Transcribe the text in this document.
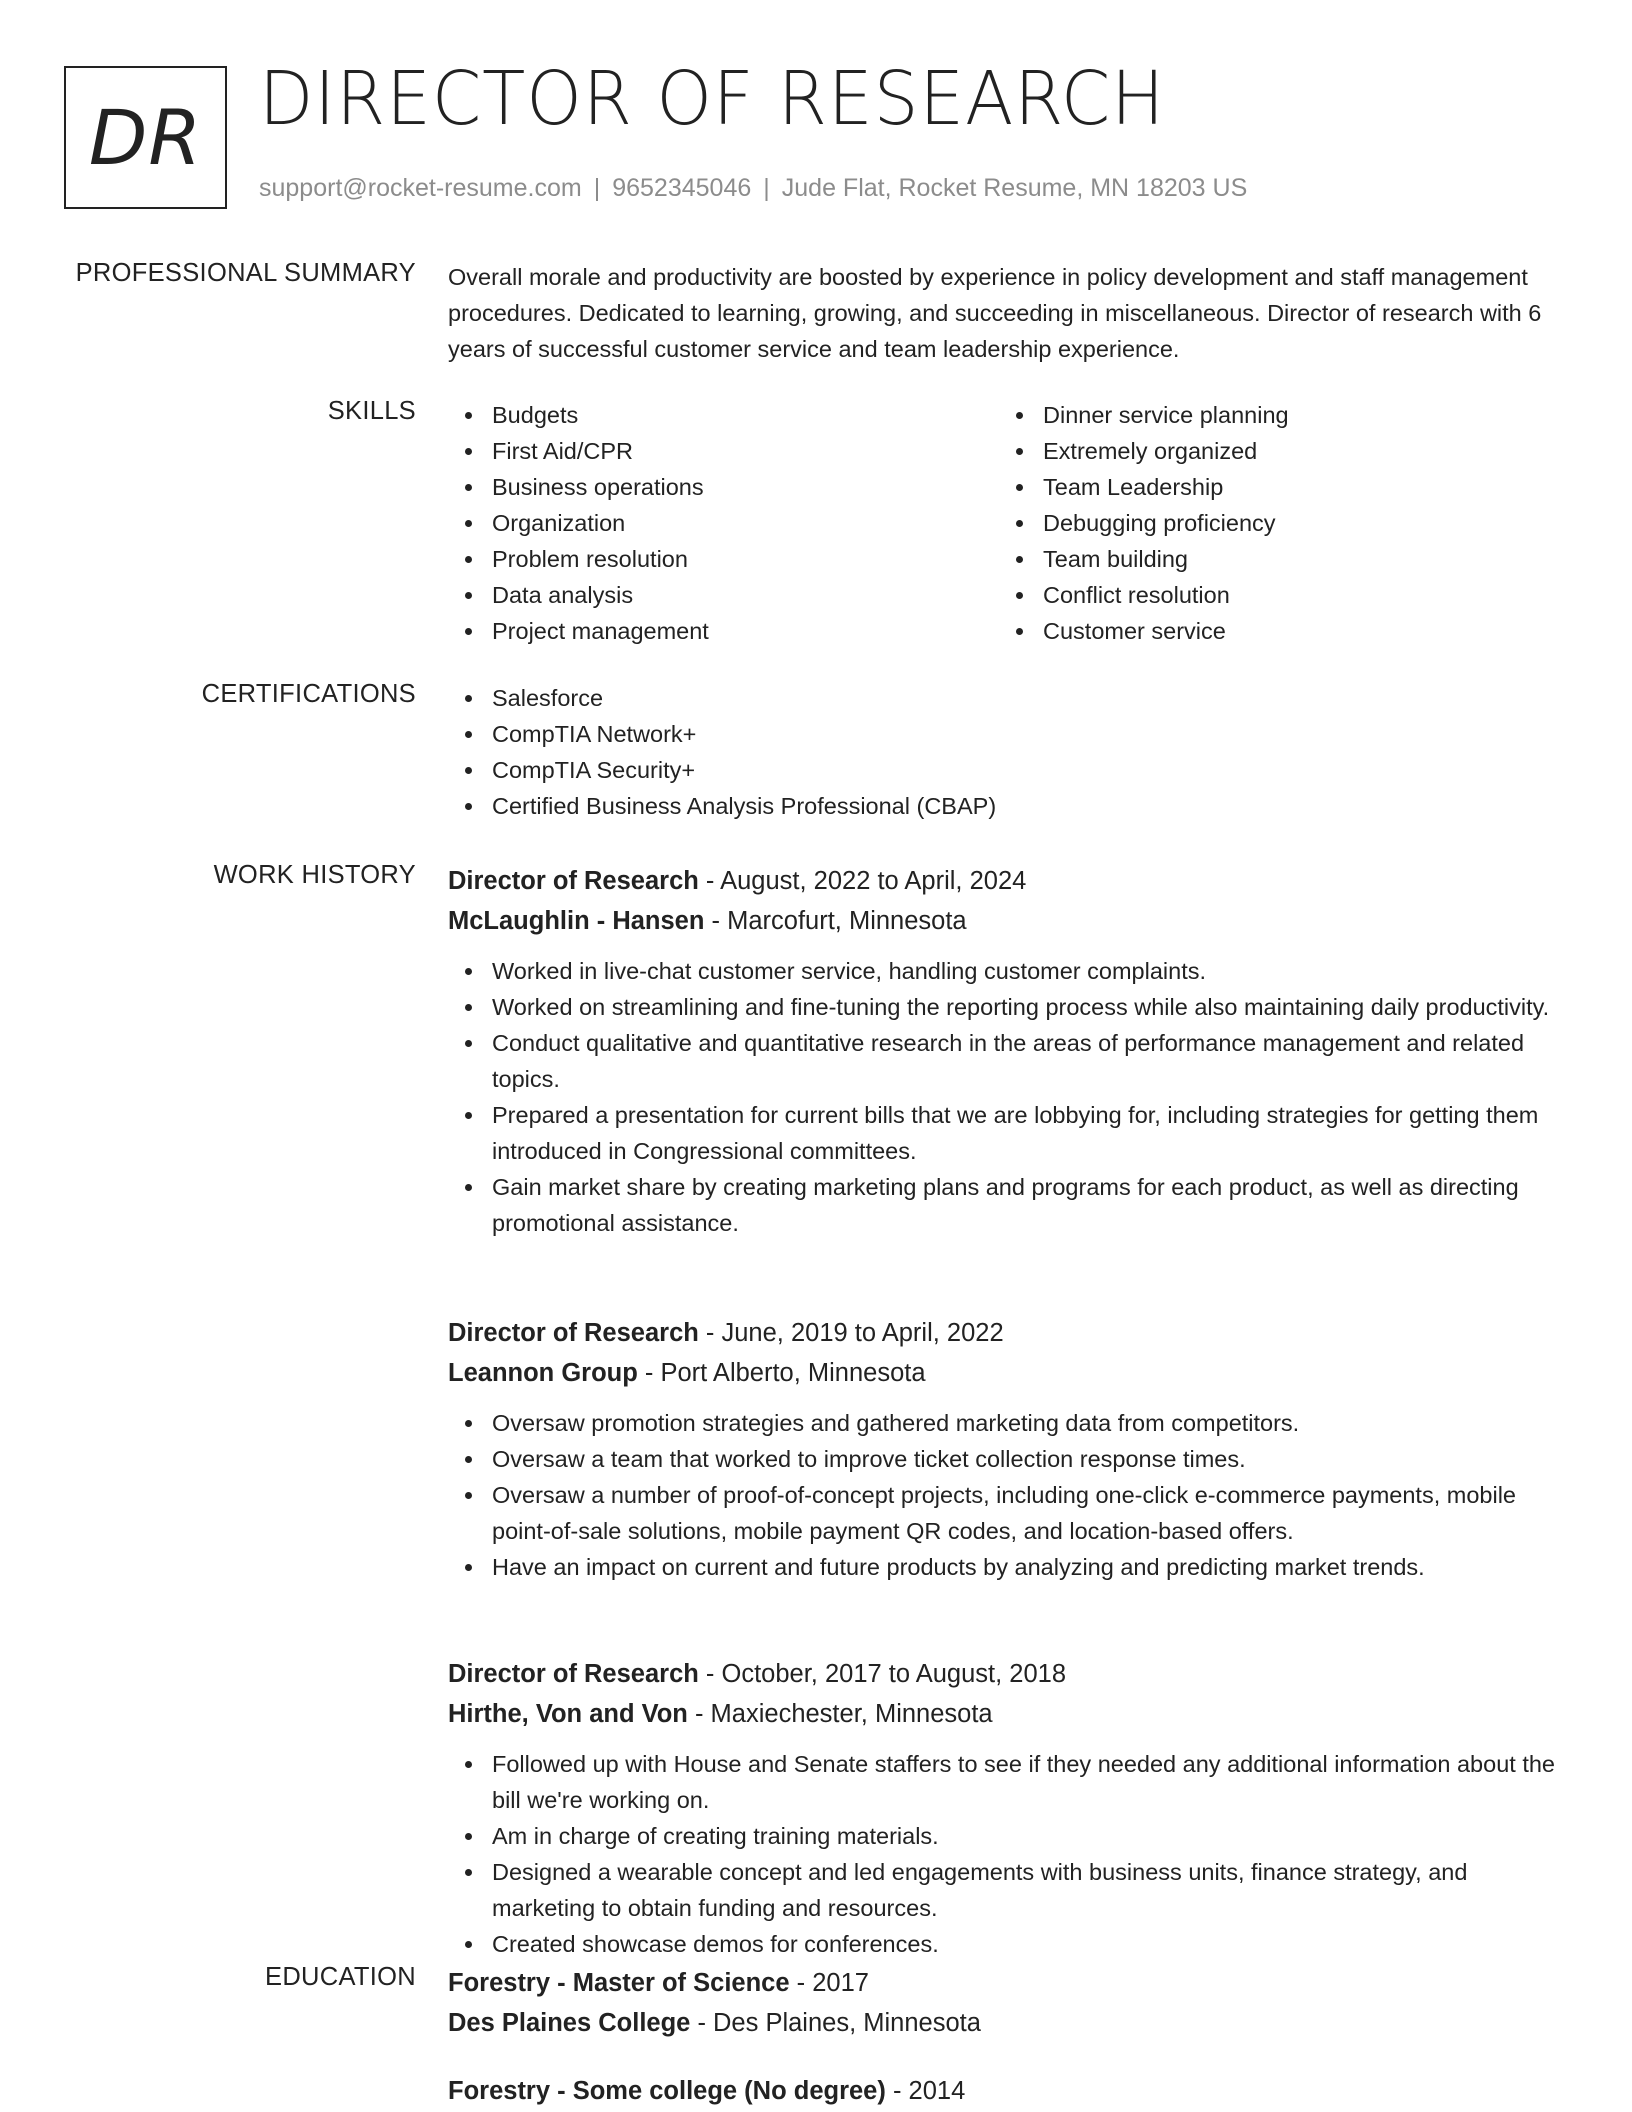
DR DIRECTOR OF RESEARCH
support@rocket-resume.com | 9652345046 | Jude Flat, Rocket Resume, MN 18203 US
PROFESSIONAL SUMMARY Overall morale and productivity are boosted by experience in policy development and staff management procedures. Dedicated to learning, growing, and succeeding in miscellaneous. Director of research with 6 years of successful customer service and team leadership experience.

SKILLS	Budgets
First Aid/CPR
Business operations
Organization
Problem resolution
Data analysis
Project management
Dinner service planning
Extremely organized
Team Leadership
Debugging proficiency
Team building
Conflict resolution
Customer service
CERTIFICATIONS	Salesforce
CompTIA Network+
CompTIA Security+
Certified Business Analysis Professional (CBAP)
WORK HISTORY Director of Research - August, 2022 to April, 2024
McLaughlin - Hansen - Marcofurt, Minnesota
Worked in live-chat customer service, handling customer complaints.
Worked on streamlining and fine-tuning the reporting process while also maintaining daily productivity.
Conduct qualitative and quantitative research in the areas of performance management and related topics.
Prepared a presentation for current bills that we are lobbying for, including strategies for getting them introduced in Congressional committees.
Gain market share by creating marketing plans and programs for each product, as well as directing promotional assistance.
Director of Research - June, 2019 to April, 2022
Leannon Group - Port Alberto, Minnesota
Oversaw promotion strategies and gathered marketing data from competitors.
Oversaw a team that worked to improve ticket collection response times.
Oversaw a number of proof-of-concept projects, including one-click e-commerce payments, mobile point-of-sale solutions, mobile payment QR codes, and location-based offers.
Have an impact on current and future products by analyzing and predicting market trends.
Director of Research - October, 2017 to August, 2018
Hirthe, Von and Von - Maxiechester, Minnesota
Followed up with House and Senate staffers to see if they needed any additional information about the bill we're working on.
Am in charge of creating training materials.
Designed a wearable concept and led engagements with business units, finance strategy, and marketing to obtain funding and resources.
Created showcase demos for conferences.
EDUCATION Forestry - Master of Science - 2017
Des Plaines College - Des Plaines, Minnesota
Forestry - Some college (No degree) - 2014
